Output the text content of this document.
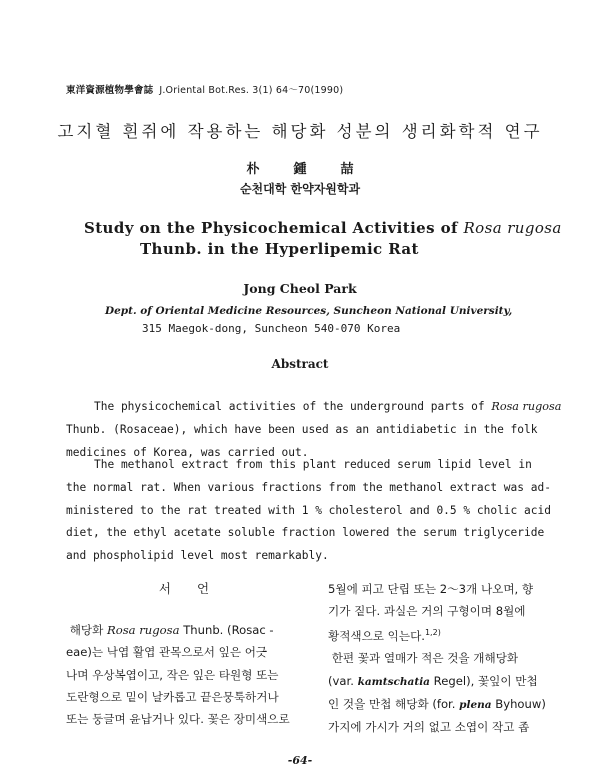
東洋資源植物學會誌 J.Oriental Bot.Res. 3(1) 64～70(1990)
고지혈 흰쥐에 작용하는 해당화 성분의 생리화학적 연구
朴鍾喆
순천대학 한약자원학과
Study on the Physicochemical Activities of Rosa rugosa
Thunb. in the Hyperlipemic Rat
Jong Cheol Park
Dept. of Oriental Medicine Resources, Suncheon National University,
315 Maegok-dong, Suncheon 540-070 Korea
Abstract
The physicochemical activities of the underground parts of Rosa rugosa
Thunb. (Rosaceae), which have been used as an antidiabetic in the folk
medicines of Korea, was carried out.
The methanol extract from this plant reduced serum lipid level in
the normal rat. When various fractions from the methanol extract was ad-
ministered to the rat treated with 1 % cholesterol and 0.5 % cholic acid
diet, the ethyl acetate soluble fraction lowered the serum triglyceride
and phospholipid level most remarkably.
서언
해당화 Rosa rugosa Thunb. (Rosac -
eae)는 낙엽 활엽 관목으로서 잎은 어긋
나며 우상복엽이고, 작은 잎은 타원형 또는
도란형으로 밑이 날카롭고 끝은뭉툭하거나
또는 둥글며 윤납거나 있다. 꽃은 장미색으로
5월에 피고 단립 또는 2～3개 나오며, 향
기가 짙다. 과실은 거의 구형이며 8월에
황적색으로 익는다.$^{1,2)}$
한편 꽃과 열매가 적은 것을 개해당화
(var. kamtschatia Regel), 꽃잎이 만첩
인 것을 만첩 해당화 (for. plena Byhouw)
가지에 가시가 거의 없고 소엽이 작고 좁
-64-
